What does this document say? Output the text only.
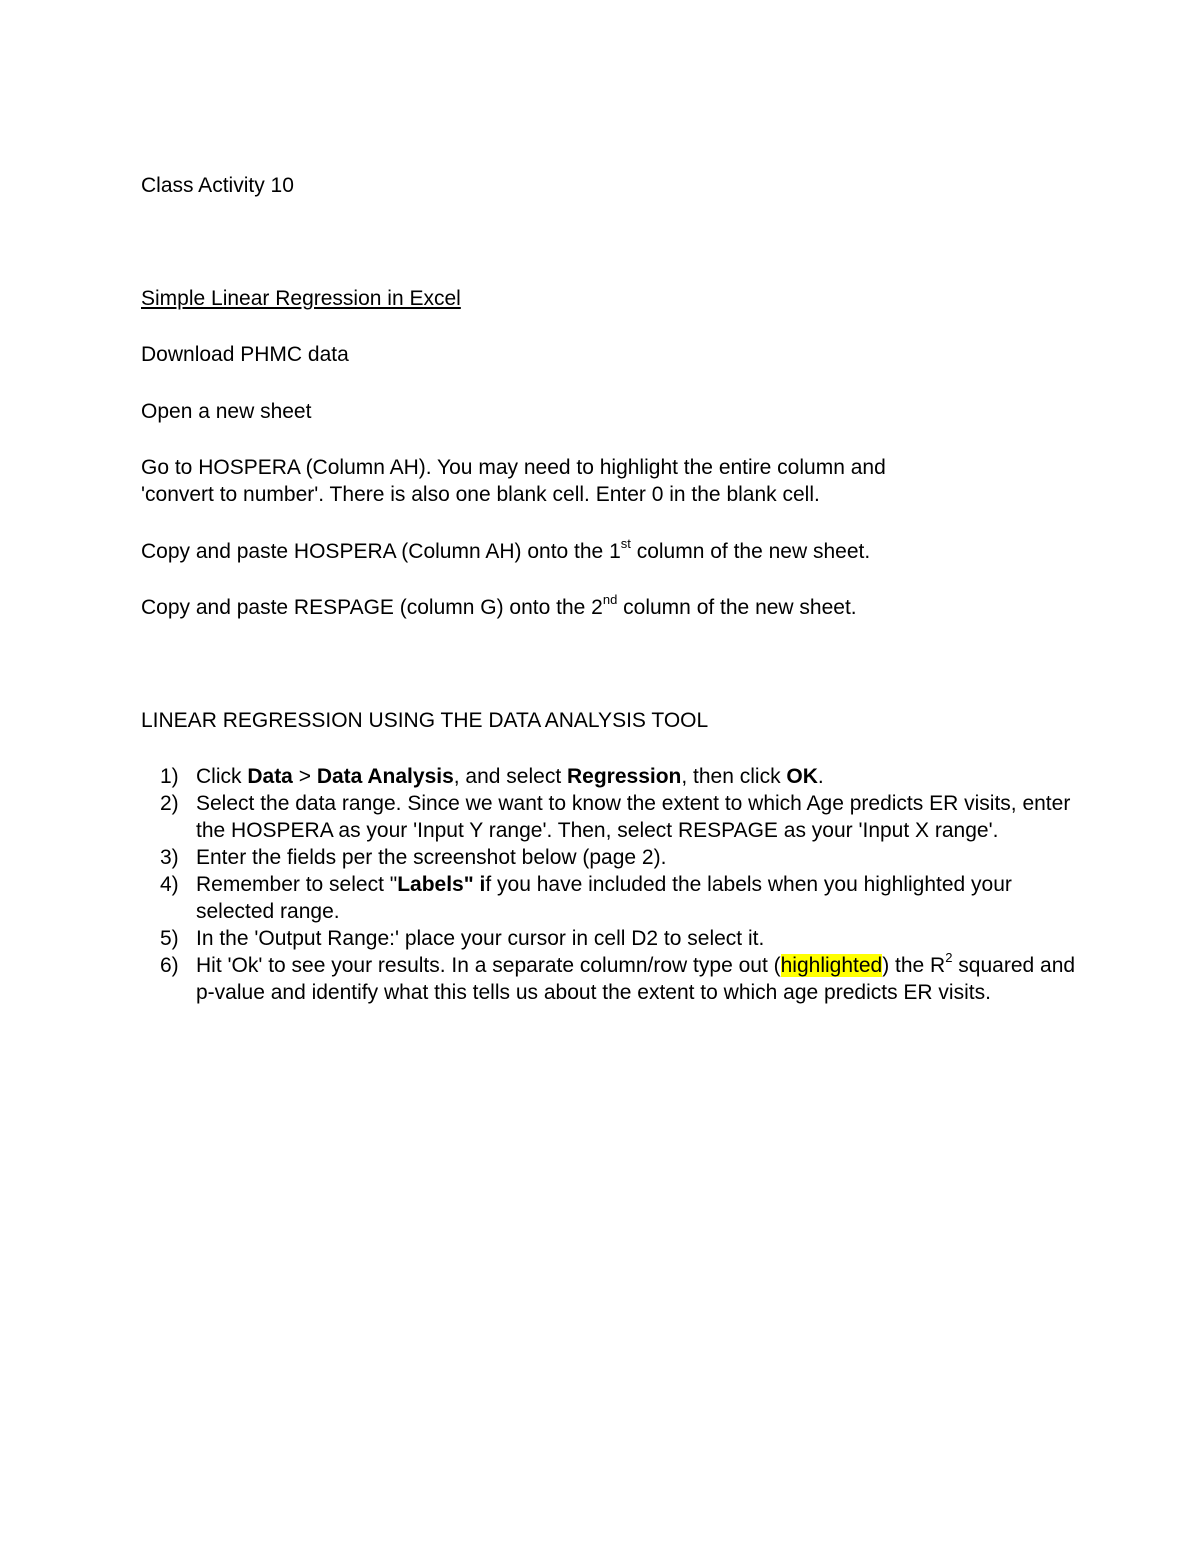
Class Activity 10
Simple Linear Regression in Excel
Download PHMC data
Open a new sheet
Go to HOSPERA (Column AH). You may need to highlight the entire column and
'convert to number'. There is also one blank cell. Enter 0 in the blank cell.
Copy and paste HOSPERA (Column AH) onto the 1st column of the new sheet.
Copy and paste RESPAGE (column G) onto the 2nd column of the new sheet.
LINEAR REGRESSION USING THE DATA ANALYSIS TOOL
1) Click Data > Data Analysis, and select Regression, then click OK.
2) Select the data range. Since we want to know the extent to which Age predicts ER visits, enter the HOSPERA as your 'Input Y range'. Then, select RESPAGE as your 'Input X range'.
3) Enter the fields per the screenshot below (page 2).
4) Remember to select "Labels" if you have included the labels when you highlighted your selected range.
5) In the 'Output Range:' place your cursor in cell D2 to select it.
6) Hit 'Ok' to see your results. In a separate column/row type out (highlighted) the $R^2$ squared and p-value and identify what this tells us about the extent to which age predicts ER visits.
